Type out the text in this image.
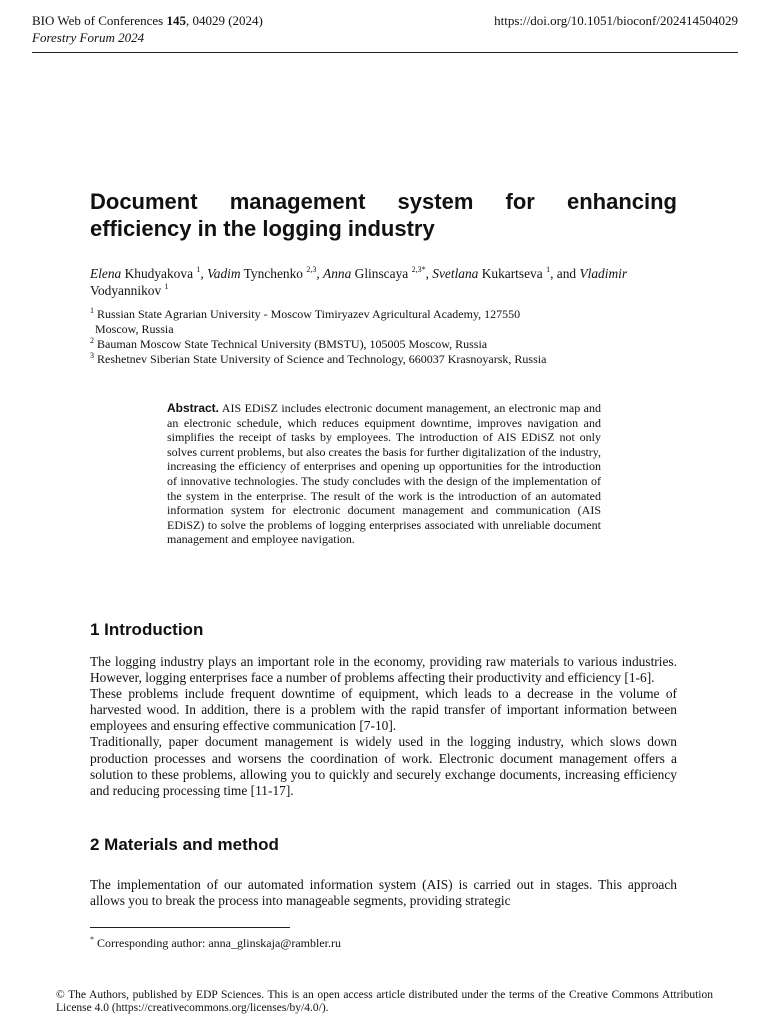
BIO Web of Conferences 145, 04029 (2024)
Forestry Forum 2024
https://doi.org/10.1051/bioconf/202414504029
Document management system for enhancing efficiency in the logging industry
Elena Khudyakova $^1$, Vadim Tynchenko $^{2,3}$, Anna Glinscaya $^{2,3*}$, Svetlana Kukartseva $^1$, and Vladimir Vodyannikov $^1$
$^1$ Russian State Agrarian University - Moscow Timiryazev Agricultural Academy, 127550
Moscow, Russia
$^2$ Bauman Moscow State Technical University (BMSTU), 105005 Moscow, Russia
$^3$ Reshetnev Siberian State University of Science and Technology, 660037 Krasnoyarsk, Russia
Abstract. AIS EDiSZ includes electronic document management, an electronic map and an electronic schedule, which reduces equipment downtime, improves navigation and simplifies the receipt of tasks by employees. The introduction of AIS EDiSZ not only solves current problems, but also creates the basis for further digitalization of the industry, increasing the efficiency of enterprises and opening up opportunities for the introduction of innovative technologies. The study concludes with the design of the implementation of the system in the enterprise. The result of the work is the introduction of an automated information system for electronic document management and communication (AIS EDiSZ) to solve the problems of logging enterprises associated with unreliable document management and employee navigation.
1 Introduction

The logging industry plays an important role in the economy, providing raw materials to various industries. However, logging enterprises face a number of problems affecting their productivity and efficiency [1-6].

These problems include frequent downtime of equipment, which leads to a decrease in the volume of harvested wood. In addition, there is a problem with the rapid transfer of important information between employees and ensuring effective communication [7-10].

Traditionally, paper document management is widely used in the logging industry, which slows down production processes and worsens the coordination of work. Electronic document management offers a solution to these problems, allowing you to quickly and securely exchange documents, increasing efficiency and reducing processing time [11-17].

2 Materials and method

The implementation of our automated information system (AIS) is carried out in stages. This approach allows you to break the process into manageable segments, providing strategic

* Corresponding author: anna_glinskaja@rambler.ru
© The Authors, published by EDP Sciences. This is an open access article distributed under the terms of the Creative Commons Attribution License 4.0 (https://creativecommons.org/licenses/by/4.0/).
